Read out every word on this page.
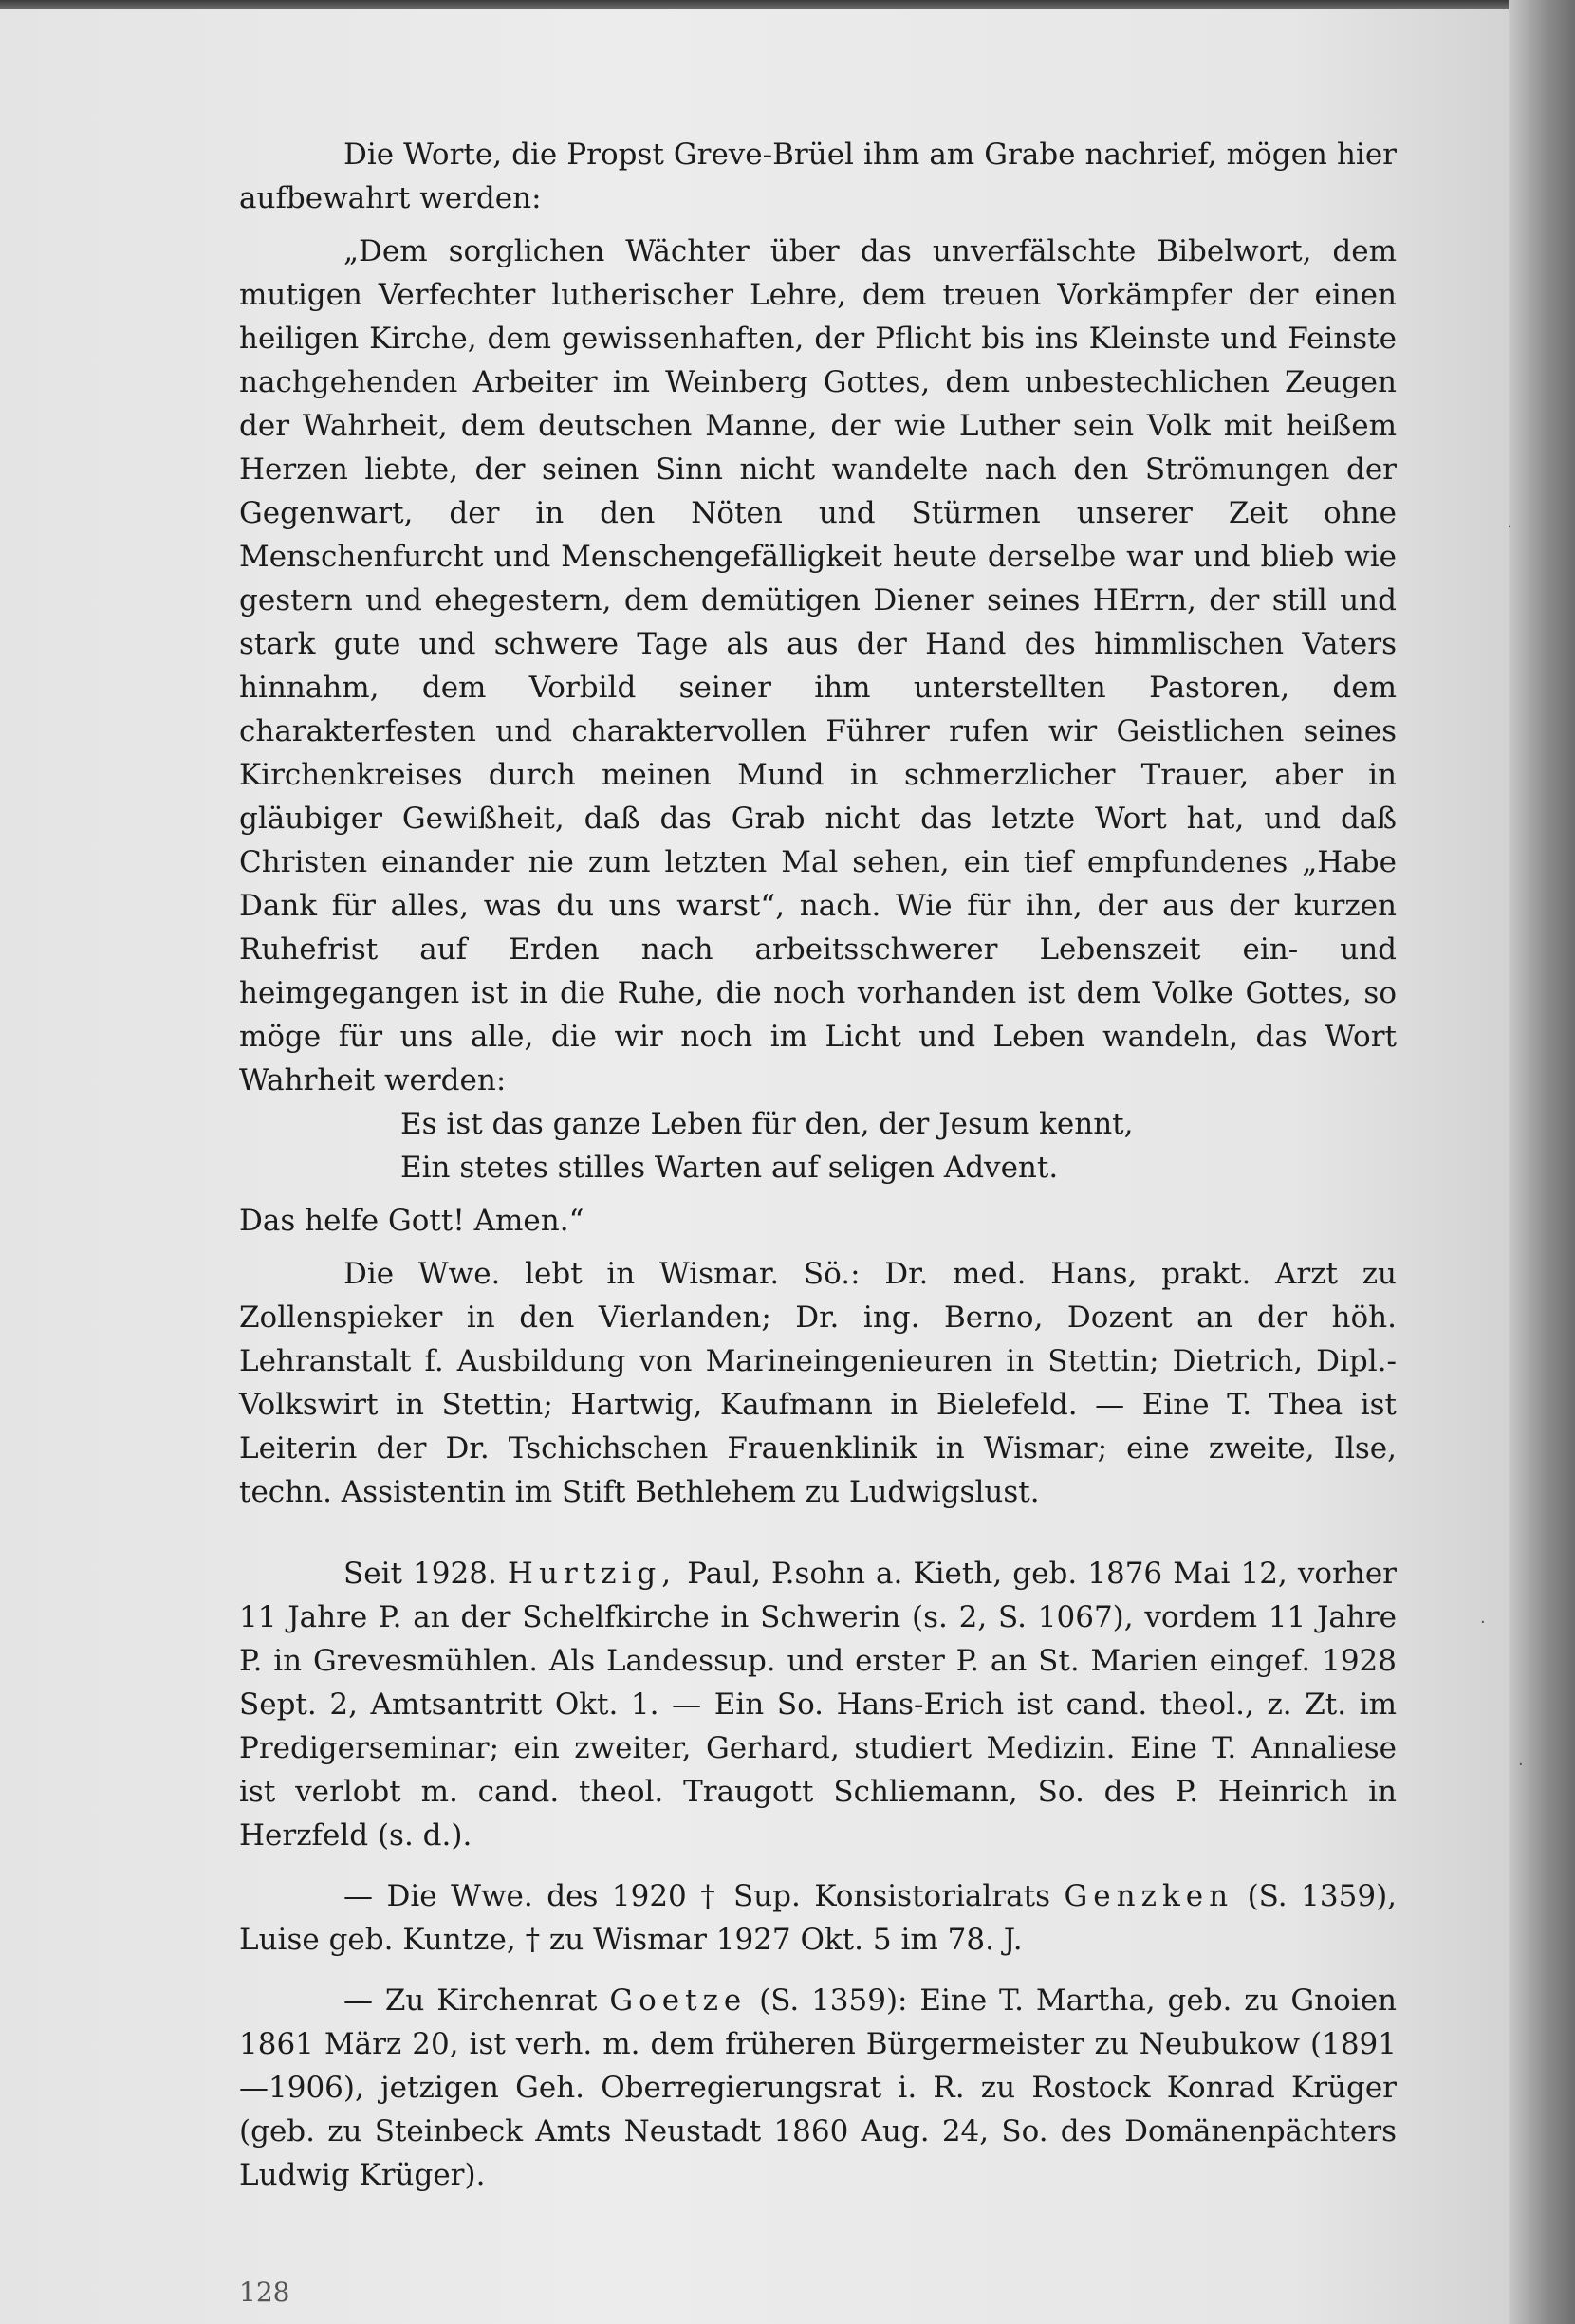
·
·
·

Die Worte, die Propst Greve-Brüel ihm am Grabe nachrief, mögen hier aufbewahrt werden:

„Dem sorglichen Wächter über das unverfälschte Bibelwort, dem mutigen Verfechter lutherischer Lehre, dem treuen Vorkämpfer der einen heiligen Kirche, dem gewissenhaften, der Pflicht bis ins Kleinste und Feinste nachgehenden Arbeiter im Weinberg Gottes, dem unbestechlichen Zeugen der Wahrheit, dem deutschen Manne, der wie Luther sein Volk mit heißem Herzen liebte, der seinen Sinn nicht wandelte nach den Strömungen der Gegenwart, der in den Nöten und Stürmen unserer Zeit ohne Menschenfurcht und Menschengefälligkeit heute derselbe war und blieb wie gestern und ehegestern, dem demütigen Diener seines HErrn, der still und stark gute und schwere Tage als aus der Hand des himmlischen Vaters hinnahm, dem Vorbild seiner ihm unterstellten Pastoren, dem charakterfesten und charaktervollen Führer rufen wir Geistlichen seines Kirchenkreises durch meinen Mund in schmerzlicher Trauer, aber in gläubiger Gewißheit, daß das Grab nicht das letzte Wort hat, und daß Christen einander nie zum letzten Mal sehen, ein tief empfundenes „Habe Dank für alles, was du uns warst“, nach. Wie für ihn, der aus der kurzen Ruhefrist auf Erden nach arbeitsschwerer Lebenszeit ein- und heimgegangen ist in die Ruhe, die noch vorhanden ist dem Volke Gottes, so möge für uns alle, die wir noch im Licht und Leben wandeln, das Wort Wahrheit werden:

Es ist das ganze Leben für den, der Jesum kennt,

Ein stetes stilles Warten auf seligen Advent.

Das helfe Gott! Amen.“

Die Wwe. lebt in Wismar. Sö.: Dr. med. Hans, prakt. Arzt zu Zollenspieker in den Vierlanden; Dr. ing. Berno, Dozent an der höh. Lehranstalt f. Ausbildung von Marineingenieuren in Stettin; Dietrich, Dipl.-Volkswirt in Stettin; Hartwig, Kaufmann in Bielefeld. — Eine T. Thea ist Leiterin der Dr. Tschichschen Frauenklinik in Wismar; eine zweite, Ilse, techn. Assistentin im Stift Bethlehem zu Ludwigslust.

Seit 1928. Hurtzig, Paul, P.sohn a. Kieth, geb. 1876 Mai 12, vorher 11 Jahre P. an der Schelfkirche in Schwerin (s. 2, S. 1067), vordem 11 Jahre P. in Grevesmühlen. Als Landessup. und erster P. an St. Marien eingef. 1928 Sept. 2, Amtsantritt Okt. 1. — Ein So. Hans-Erich ist cand. theol., z. Zt. im Predigerseminar; ein zweiter, Gerhard, studiert Medizin. Eine T. Annaliese ist verlobt m. cand. theol. Traugott Schliemann, So. des P. Heinrich in Herzfeld (s. d.).

— Die Wwe. des 1920 † Sup. Konsistorialrats Genzken (S. 1359), Luise geb. Kuntze, † zu Wismar 1927 Okt. 5 im 78. J.

— Zu Kirchenrat Goetze (S. 1359): Eine T. Martha, geb. zu Gnoien 1861 März 20, ist verh. m. dem früheren Bürgermeister zu Neubukow (1891—1906), jetzigen Geh. Oberregierungsrat i. R. zu Rostock Konrad Krüger (geb. zu Steinbeck Amts Neustadt 1860 Aug. 24, So. des Domänenpächters Ludwig Krüger).

128
